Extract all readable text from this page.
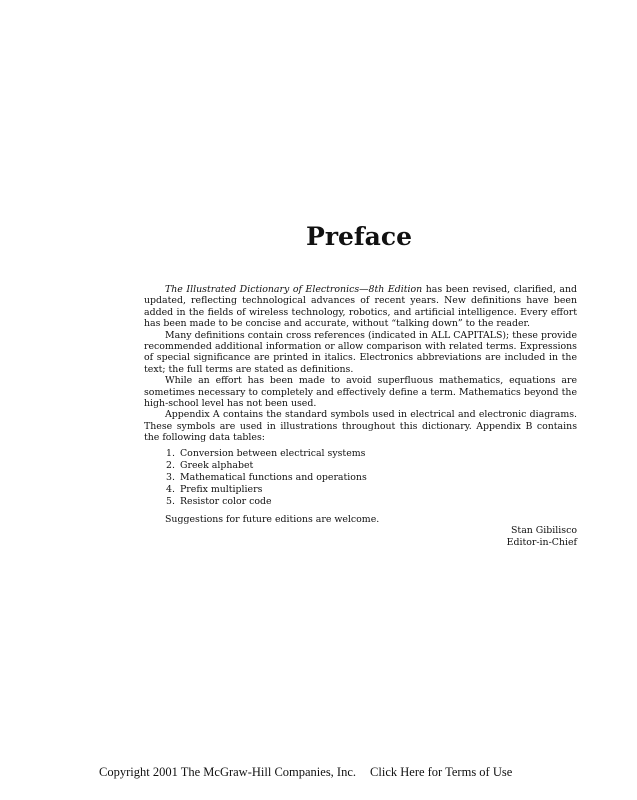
Preface

The Illustrated Dictionary of Electronics—8th Edition has been revised, clarified, and updated, reflecting technological advances of recent years. New definitions have been added in the fields of wireless technology, robotics, and artificial intelligence. Every effort has been made to be concise and accurate, without “talking down” to the reader.

Many definitions contain cross references (indicated in ALL CAPITALS); these provide recommended additional information or allow comparison with related terms. Expressions of special significance are printed in italics. Electronics abbreviations are included in the text; the full terms are stated as definitions.

While an effort has been made to avoid superfluous mathematics, equations are sometimes necessary to completely and effectively define a term. Mathematics beyond the high-school level has not been used.

Appendix A contains the standard symbols used in electrical and electronic diagrams. These symbols are used in illustrations throughout this dictionary. Appendix B contains the following data tables:

1. Conversion between electrical systems
2. Greek alphabet
3. Mathematical functions and operations
4. Prefix multipliers
5. Resistor color code

Suggestions for future editions are welcome.

Stan Gibilisco
Editor-in-Chief
Copyright 2001 The McGraw-Hill Companies, Inc. Click Here for Terms of Use
